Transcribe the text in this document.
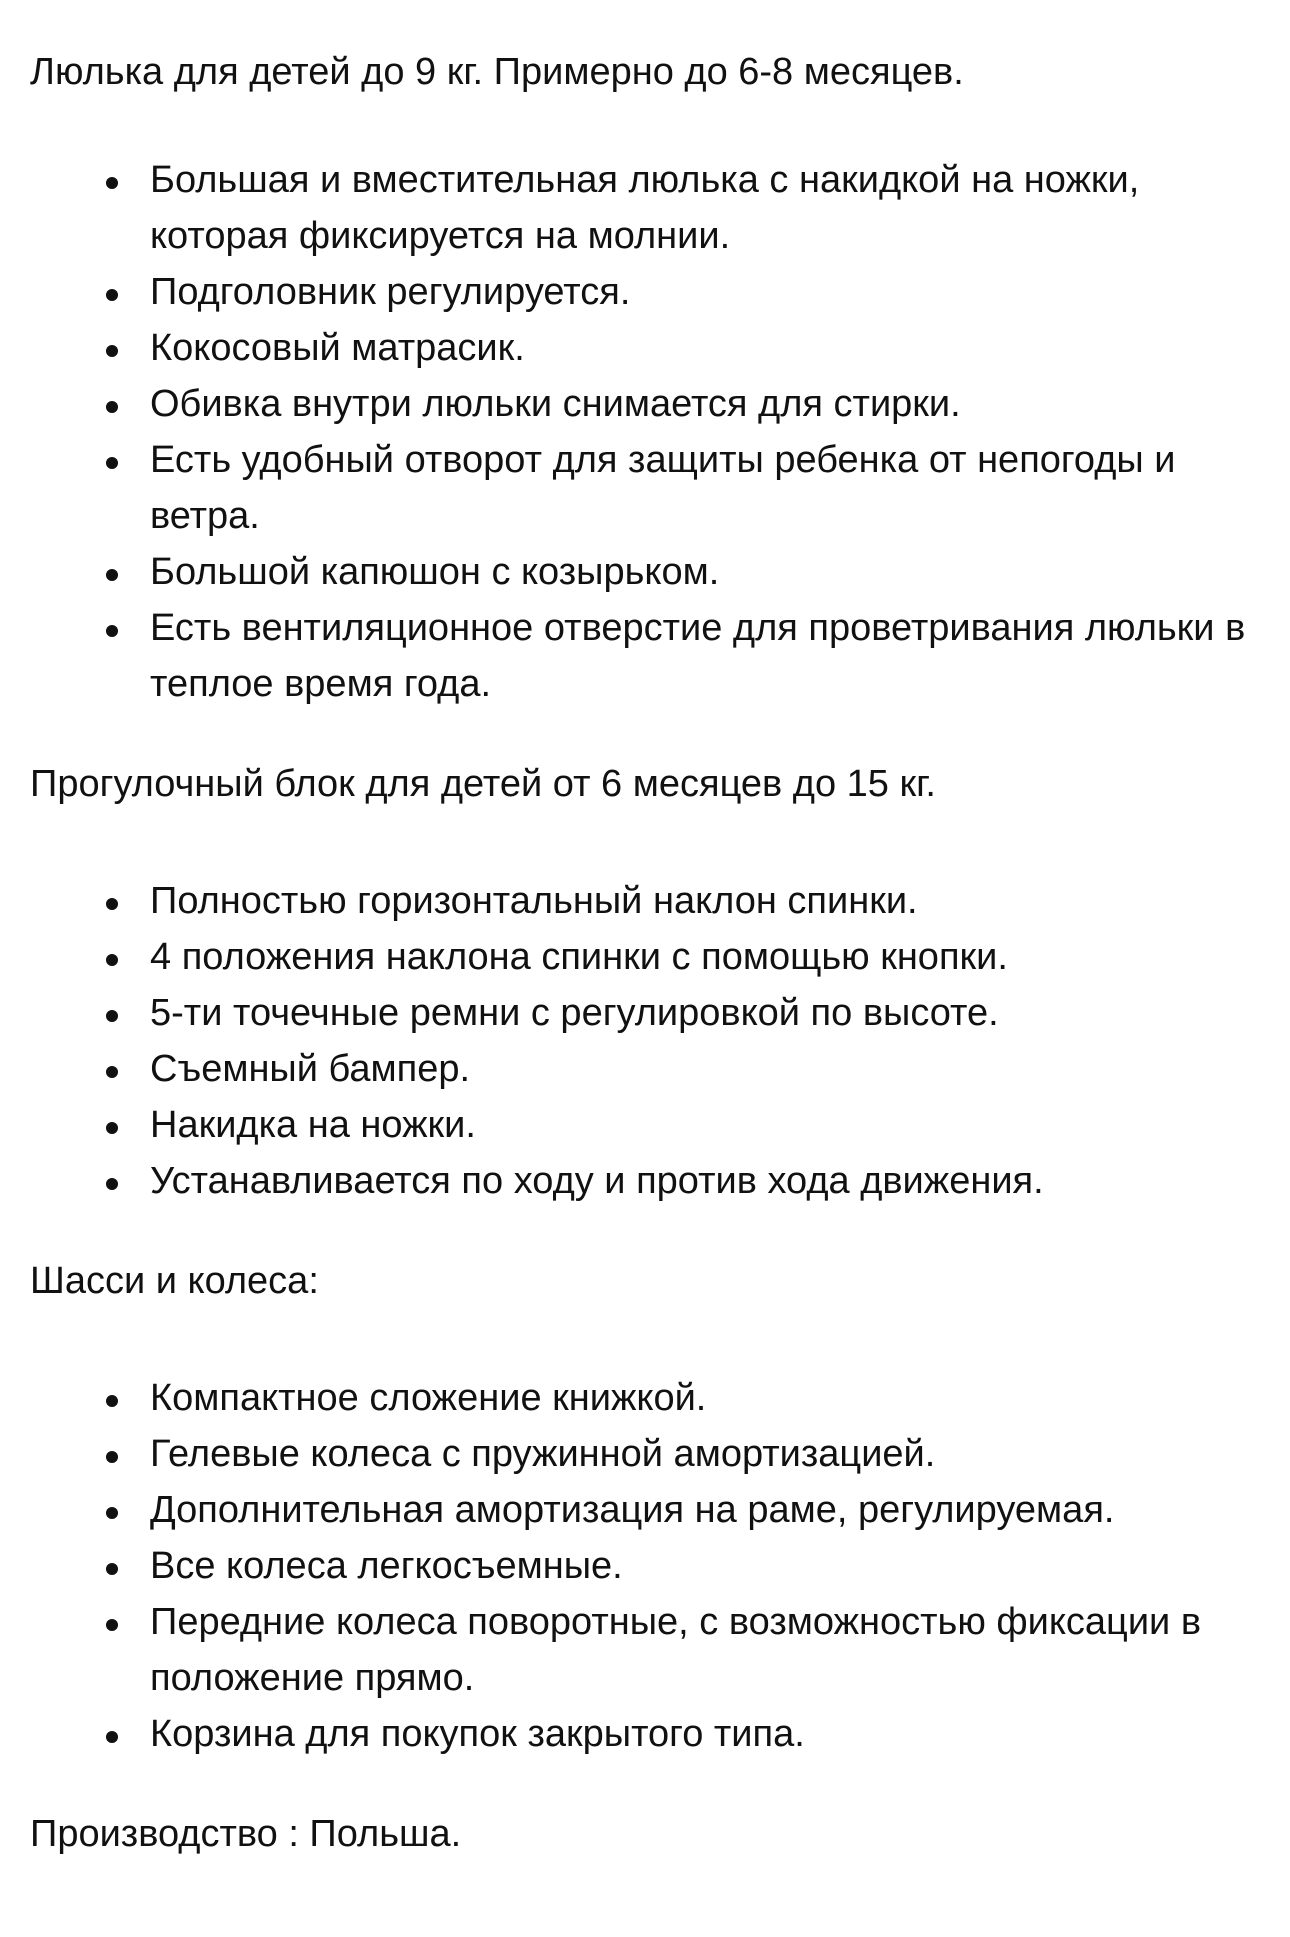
Люлька для детей до 9 кг. Примерно до 6-8 месяцев.

Большая и вместительная люлька с накидкой на ножки, которая фиксируется на молнии.
Подголовник регулируется.
Кокосовый матрасик.
Обивка внутри люльки снимается для стирки.
Есть удобный отворот для защиты ребенка от непогоды и ветра.
Большой капюшон с козырьком.
Есть вентиляционное отверстие для проветривания люльки в теплое время года.

Прогулочный блок для детей от 6 месяцев до 15 кг.

Полностью горизонтальный наклон спинки.
4 положения наклона спинки с помощью кнопки.
5-ти точечные ремни с регулировкой по высоте.
Съемный бампер.
Накидка на ножки.
Устанавливается по ходу и против хода движения.

Шасси и колеса:

Компактное сложение книжкой.
Гелевые колеса с пружинной амортизацией.
Дополнительная амортизация на раме, регулируемая.
Все колеса легкосъемные.
Передние колеса поворотные, с возможностью фиксации в положение прямо.
Корзина для покупок закрытого типа.

Производство : Польша.
